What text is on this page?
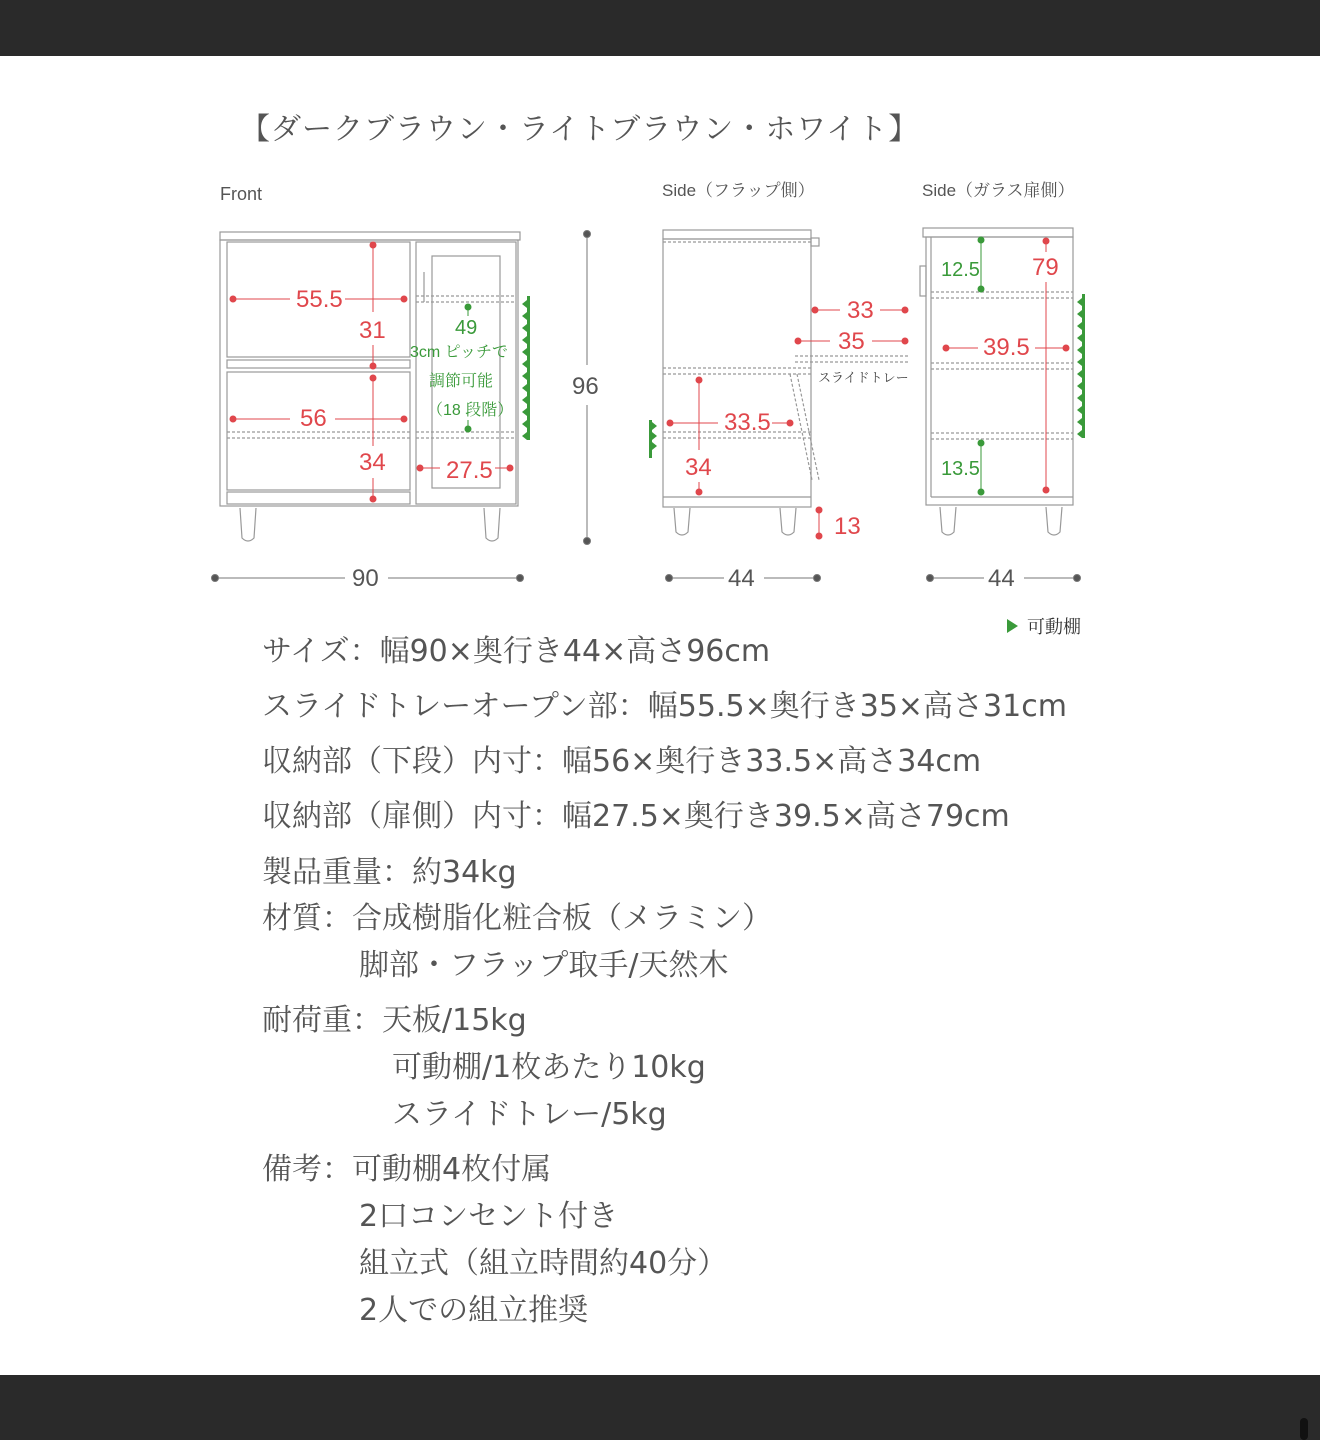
【ダークブラウン・ライトブラウン・ホワイト】
Front	Side（フラップ側）	Side（ガラス扉側）
55.5
31
56
34	27.5
49
3cm ピッチで
調節可能
（18 段階）
90
96
33
35
スライドトレー
33.5
34
13
44
12.5 79
39.5
13.5
44
可動棚
サイズ：幅90×奥行き44×高さ96cm
スライドトレーオープン部：幅55.5×奥行き35×高さ31cm
収納部（下段）内寸：幅56×奥行き33.5×高さ34cm
収納部（扉側）内寸：幅27.5×奥行き39.5×高さ79cm
製品重量：約34kg
材質：合成樹脂化粧合板（メラミン）
脚部・フラップ取手/天然木
耐荷重：天板/15kg
可動棚/1枚あたり10kg
スライドトレー/5kg
備考：可動棚4枚付属
2口コンセント付き
組立式（組立時間約40分）
2人での組立推奨
